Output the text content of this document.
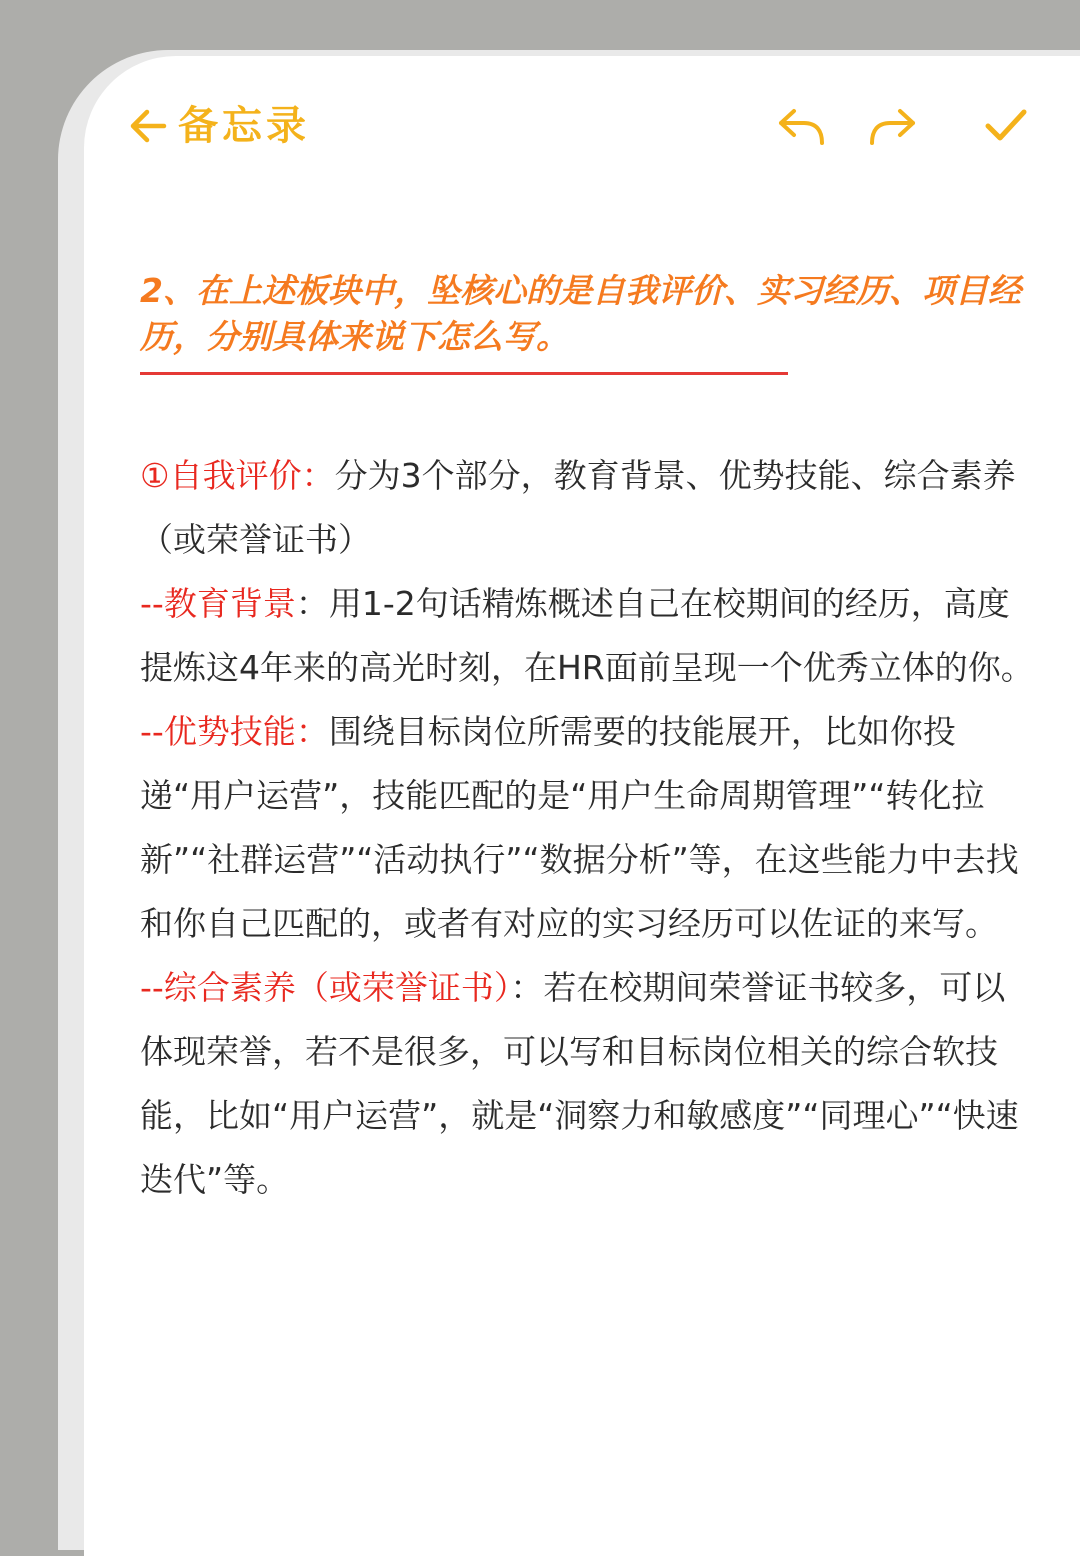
备忘录

2、在上述板块中，坠核心的是自我评价、实习经历、项目经历，分别具体来说下怎么写。

①自我评价：分为3个部分，教育背景、优势技能、综合素养（或荣誉证书）

--教育背景：用1-2句话精炼概述自己在校期间的经历，高度提炼这4年来的高光时刻，在HR面前呈现一个优秀立体的你。

--优势技能：围绕目标岗位所需要的技能展开，比如你投递“用户运营”，技能匹配的是“用户生命周期管理”“转化拉新”“社群运营”“活动执行”“数据分析”等，在这些能力中去找和你自己匹配的，或者有对应的实习经历可以佐证的来写。

--综合素养（或荣誉证书）：若在校期间荣誉证书较多，可以体现荣誉，若不是很多，可以写和目标岗位相关的综合软技能，比如“用户运营”，就是“洞察力和敏感度”“同理心”“快速迭代”等。
